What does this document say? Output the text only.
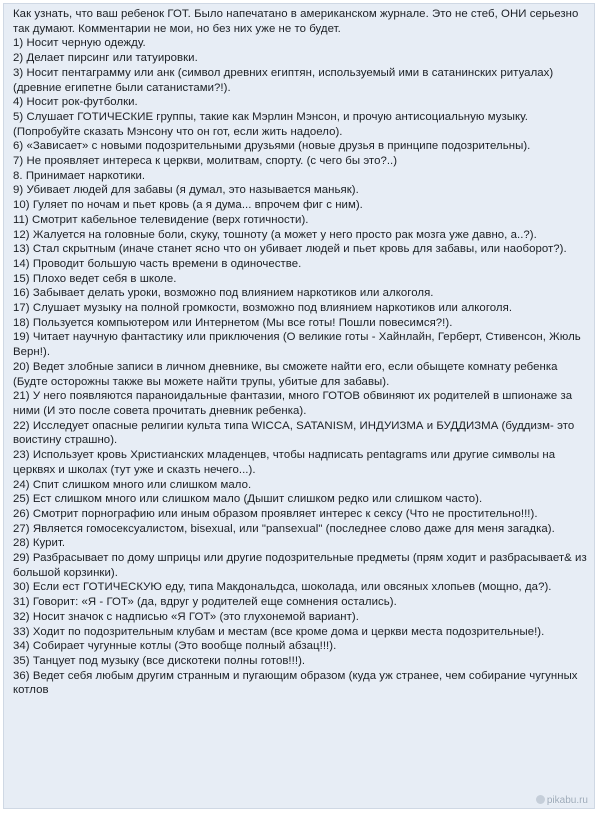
Как узнать, что ваш ребенок ГОТ. Было напечатано в американском журнале. Это не стеб, ОНИ серьезно так думают. Комментарии не мои, но без них уже не то будет.

1) Носит черную одежду.

2) Делает пирсинг или татуировки.

3) Носит пентаграмму или анк (символ древних египтян, используемый ими в сатанинских ритуалах) (древние египетне были сатанистами?!).

4) Носит рок-футболки.

5) Слушает ГОТИЧЕСКИЕ группы, такие как Мэрлин Мэнсон, и прочую антисоциальную музыку. (Попробуйте сказать Мэнсону что он гот, если жить надоело).

6) «Зависает» с новыми подозрительными друзьями (новые друзья в принципе подозрительны).

7) Не проявляет интереса к церкви, молитвам, спорту. (с чего бы это?..)

8. Принимает наркотики.

9) Убивает людей для забавы (я думал, это называется маньяк).

10) Гуляет по ночам и пьет кровь (а я дума... впрочем фиг с ним).

11) Смотрит кабельное телевидение (верх готичности).

12) Жалуется на головные боли, скуку, тошноту (а может у него просто рак мозга уже давно, а..?).

13) Стал скрытным (иначе станет ясно что он убивает людей и пьет кровь для забавы, или наоборот?).

14) Проводит большую часть времени в одиночестве.

15) Плохо ведет себя в школе.

16) Забывает делать уроки, возможно под влиянием наркотиков или алкоголя.

17) Слушает музыку на полной громкости, возможно под влиянием наркотиков или алкоголя.

18) Пользуется компьютером или Интернетом (Мы все готы! Пошли повесимся?!).

19) Читает научную фантастику или приключения (О великие готы - Хайнлайн, Герберт, Стивенсон, Жюль Верн!).

20) Ведет злобные записи в личном дневнике, вы сможете найти его, если обыщете комнату ребенка (Будте осторожны также вы можете найти трупы, убитые для забавы).

21) У него появляются параноидальные фантазии, много ГОТОВ обвиняют их родителей в шпионаже за ними (И это после совета прочитать дневник ребенка).

22) Исследует опасные религии культа типа WICCA, SATANISM, ИНДУИЗМА и БУДДИЗМА (буддизм- это воистину страшно).

23) Использует кровь Христианских младенцев, чтобы надписать pentagrams или другие символы на церквях и школах (тут уже и сказть нечего...).

24) Спит слишком много или слишком мало.

25) Ест слишком много или слишком мало (Дышит слишком редко или слишком часто).

26) Смотрит порнографию или иным образом проявляет интерес к сексу (Что не простительно!!!).

27) Является гомосексуалистом, bisexual, или "pansexual" (последнее слово даже для меня загадка).

28) Курит.

29) Разбрасывает по дому шприцы или другие подозрительные предметы (прям ходит и разбрасывает& из большой корзинки).

30) Если ест ГОТИЧЕСКУЮ еду, типа Макдональдса, шоколада, или овсяных хлопьев (мощно, да?).

31) Говорит: «Я - ГОТ» (да, вдруг у родителей еще сомнения остались).

32) Носит значок с надписью «Я ГОТ» (это глухонемой вариант).

33) Ходит по подозрительным клубам и местам (все кроме дома и церкви места подозрительные!).

34) Собирает чугунные котлы (Это вообще полный абзац!!!).

35) Танцует под музыку (все дискотеки полны готов!!!).

36) Ведет себя любым другим странным и пугающим образом (куда уж странее, чем собирание чугунных котлов

pikabu.ru
